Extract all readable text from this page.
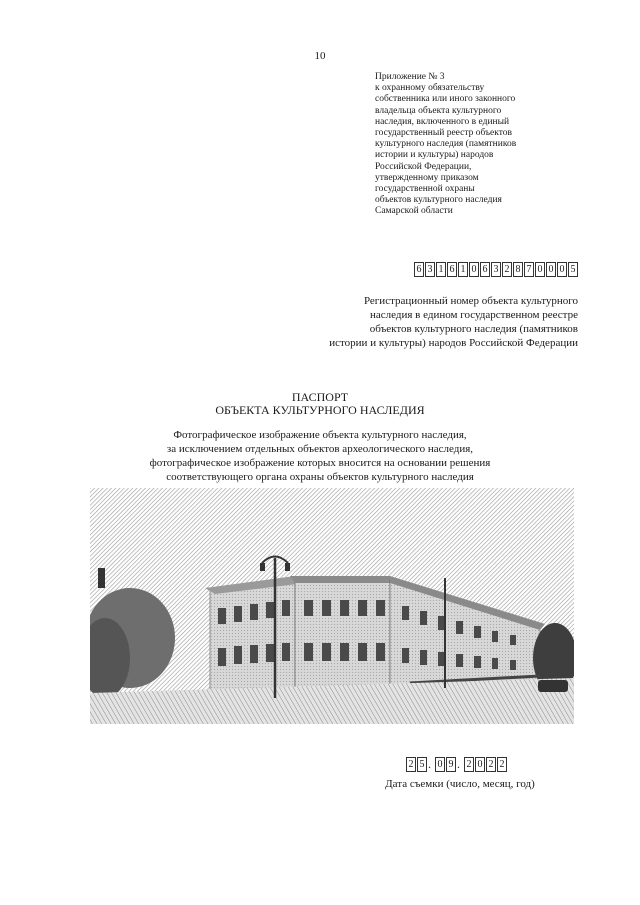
10
Приложение № 3
к охранному обязательству
собственника или иного законного
владельца объекта культурного
наследия, включенного в единый
государственный реестр объектов
культурного наследия (памятников
истории и культуры) народов
Российской Федерации,
утвержденному приказом
государственной охраны
объектов культурного наследия
Самарской области
6 3 1 6 1 0 6 3 2 8 7 0 0 0 5
Регистрационный номер объекта культурного
наследия в едином государственном реестре
объектов культурного наследия (памятников
истории и культуры) народов Российской Федерации
ПАСПОРТ
ОБЪЕКТА КУЛЬТУРНОГО НАСЛЕДИЯ
Фотографическое изображение объекта культурного наследия,
за исключением отдельных объектов археологического наследия,
фотографическое изображение которых вносится на основании решения
соответствующего органа охраны объектов культурного наследия
2 5 . 0 9 . 2 0 2 2
Дата съемки (число, месяц, год)
